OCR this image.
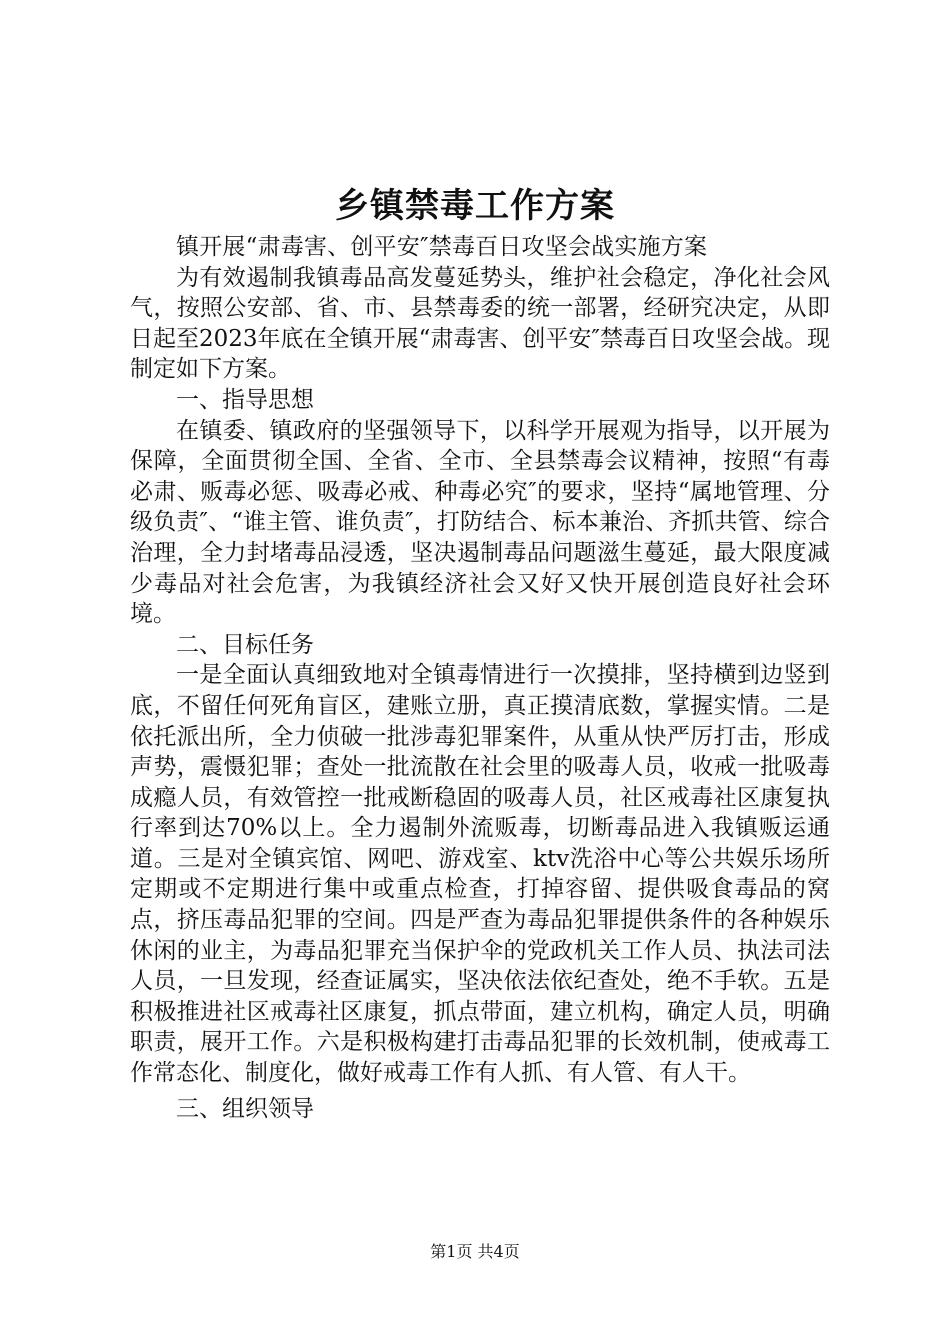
乡镇禁毒工作方案

镇开展“肃毒害、创平安″禁毒百日攻坚会战实施方案

为有效遏制我镇毒品高发蔓延势头，维护社会稳定，净化社会风气，按照公安部、省、市、县禁毒委的统一部署，经研究决定，从即日起至2023年底在全镇开展“肃毒害、创平安″禁毒百日攻坚会战。现制定如下方案。

一、指导思想

在镇委、镇政府的坚强领导下，以科学开展观为指导，以开展为保障，全面贯彻全国、全省、全市、全县禁毒会议精神，按照“有毒必肃、贩毒必惩、吸毒必戒、种毒必究″的要求，坚持“属地管理、分级负责″、“谁主管、谁负责″，打防结合、标本兼治、齐抓共管、综合治理，全力封堵毒品浸透，坚决遏制毒品问题滋生蔓延，最大限度减少毒品对社会危害，为我镇经济社会又好又快开展创造良好社会环境。

二、目标任务

一是全面认真细致地对全镇毒情进行一次摸排，坚持横到边竖到底，不留任何死角盲区，建账立册，真正摸清底数，掌握实情。二是依托派出所，全力侦破一批涉毒犯罪案件，从重从快严厉打击，形成声势，震慑犯罪；查处一批流散在社会里的吸毒人员，收戒一批吸毒成瘾人员，有效管控一批戒断稳固的吸毒人员，社区戒毒社区康复执行率到达70%以上。全力遏制外流贩毒，切断毒品进入我镇贩运通道。三是对全镇宾馆、网吧、游戏室、ktv洗浴中心等公共娱乐场所定期或不定期进行集中或重点检查，打掉容留、提供吸食毒品的窝点，挤压毒品犯罪的空间。四是严查为毒品犯罪提供条件的各种娱乐休闲的业主，为毒品犯罪充当保护伞的党政机关工作人员、执法司法人员，一旦发现，经查证属实，坚决依法依纪查处，绝不手软。五是积极推进社区戒毒社区康复，抓点带面，建立机构，确定人员，明确职责，展开工作。六是积极构建打击毒品犯罪的长效机制，使戒毒工作常态化、制度化，做好戒毒工作有人抓、有人管、有人干。

三、组织领导

第1页 共4页
